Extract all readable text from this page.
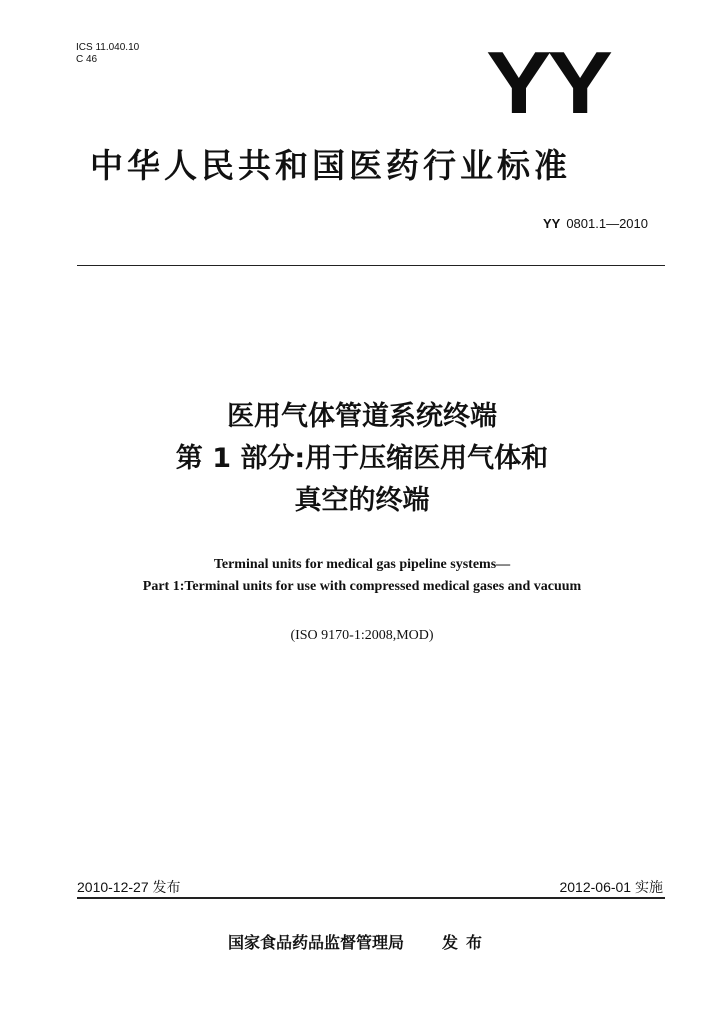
ICS 11.040.10
C 46	YY
中华人民共和国医药行业标准
YY 0801.1—2010
医用气体管道系统终端
第 1 部分:用于压缩医用气体和
真空的终端
Terminal units for medical gas pipeline systems—
Part 1:Terminal units for use with compressed medical gases and vacuum
(ISO 9170-1:2008,MOD)
2010-12-27 发布	2012-06-01 实施
国家食品药品监督管理局 发布
